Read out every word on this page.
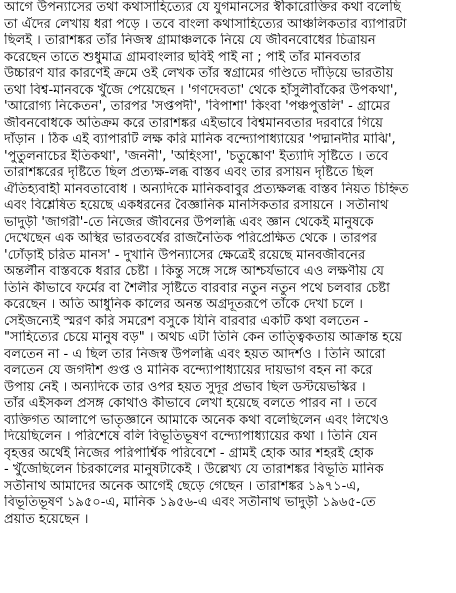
আগে উপন্যাসের তথা কথাসাহিত্যের যে যুগমানসের স্বীকারোক্তির কথা বলেছি
তা এঁদের লেখায় ধরা পড়ে । তবে বাংলা কথাসাহিত্যের আঞ্চলিকতার ব্যাপারটা
ছিলই । তারাশঙ্কর তাঁর নিজস্ব গ্রামাঞ্চলকে নিয়ে যে জীবনবোধের চিত্রায়ন
করেছেন তাতে শুধুমাত্র গ্রামবাংলার ছবিই পাই না ; পাই তাঁর মানবতার
উচ্চারণ যার কারণেই ক্রমে ওই লেখক তাঁর স্বগ্রামের গণ্ডিতে দাঁড়িয়ে ভারতীয়
তথা বিশ্ব-মানবকে খুঁজে পেয়েছেন । 'গণদেবতা' থেকে হাঁসুলীবাঁকের উপকথা',
'আরোগ্য নিকেতন', তারপর 'সপ্তপদী', 'বিপাশা' কিংবা 'পঞ্চপুত্তলি' - গ্রামের
জীবনবোধকে অতিক্রম করে তারাশঙ্কর এইভাবে বিশ্বমানবতার দরবারে গিয়ে
দাঁড়ান । ঠিক এই ব্যাপারটি লক্ষ করি মানিক বন্দ্যোপাধ্যায়ের 'পদ্মানদীর মাঝি',
'পুতুলনাচের ইতিকথা', 'জননী', 'অহিংসা', 'চতুষ্কোণ' ইত্যাদি সৃষ্টিতে । তবে
তারাশঙ্করের দৃষ্টিতে ছিল প্রত্যক্ষ-লব্ধ বাস্তব এবং তার রসায়ন দৃষ্টিতে ছিল
ঐতিহ্যবাহী মানবতাবোধ । অন্যদিকে মানিকবাবুর প্রত্যক্ষলব্ধ বাস্তব নিয়ত চিহ্নিত
এবং বিশ্লেষিত হয়েছে একধরনের বৈজ্ঞানিক মানসিকতার রসায়নে । সতীনাথ
ভাদুড়ী 'জাগরী'-তে নিজের জীবনের উপলব্ধি এবং জ্ঞান থেকেই মানুষকে
দেখেছেন এক অস্থির ভারতবর্ষের রাজনৈতিক পরিপ্রেক্ষিত থেকে । তারপর
'ঢোঁড়াই চরিত মানস' - দুখানি উপন্যাসের ক্ষেত্রেই রয়েছে মানবজীবনের
অন্তর্লীন বাস্তবকে ধরার চেষ্টা । কিন্তু সঙ্গে সঙ্গে আশ্চর্যভাবে এও লক্ষণীয় যে
তিনি কীভাবে ফর্মের বা শৈলীর সৃষ্টিতে বারবার নতুন নতুন পথে চলবার চেষ্টা
করেছেন । অতি আধুনিক কালের অনন্ত অগ্রদূতরূপে তাঁকে দেখা চলে ।
সেইজন্যেই স্মরণ করি সমরেশ বসুকে যিনি বারবার একটি কথা বলতেন -
"সাহিত্যের চেয়ে মানুষ বড়" । অথচ এটা তিনি কেন তাত্ত্বিকতায় আক্রান্ত হয়ে
বলতেন না - এ ছিল তার নিজস্ব উপলব্ধি এবং হয়ত আদর্শও । তিনি আরো
বলতেন যে জগদীশ গুপ্ত ও মানিক বন্দ্যোপাধ্যায়ের দায়ভাগ বহন না করে
উপায় নেই । অন্যদিকে তার ওপর হয়ত সুদূর প্রভাব ছিল ডস্টয়েভস্কির ।
তাঁর এইসকল প্রসঙ্গ কোথাও কীভাবে লেখা হয়েছে বলতে পারব না । তবে
ব্যক্তিগত আলাপে ভাতৃজ্ঞানে আমাকে অনেক কথা বলেছিলেন এবং লিখেও
দিয়েছিলেন । পরিশেষে বলি বিভূতিভূষণ বন্দ্যোপাধ্যায়ের কথা । তিনি যেন
বৃহত্তর অর্থেই নিজের পরিপার্শ্বিক পরিবেশে - গ্রামই হোক আর শহরই হোক
- খুঁজেছিলেন চিরকালের মানুষটাকেই । উল্লেখ্য যে তারাশঙ্কর বিভূতি মানিক
সতীনাথ আমাদের অনেক আগেই ছেড়ে গেছেন । তারাশঙ্কর ১৯৭১-এ,
বিভূতিভূষণ ১৯৫০-এ, মানিক ১৯৫৬-এ এবং সতীনাথ ভাদুড়ী ১৯৬৫-তে
প্রয়াত হয়েছেন ।
